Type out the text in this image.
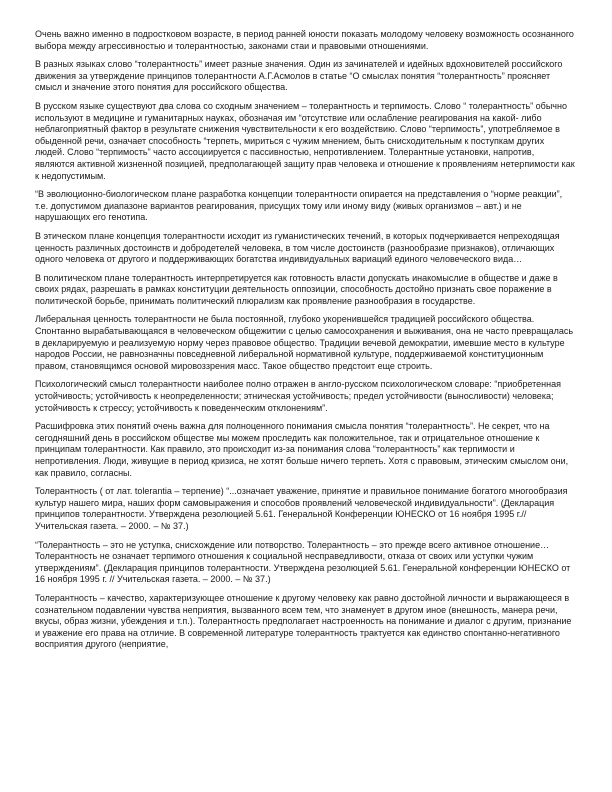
Очень важно именно в подростковом возрасте, в период ранней юности показать молодому человеку возможность осознанного выбора между агрессивностью и толерантностью, законами стаи и правовыми отношениями.

В разных языках слово “толерантность” имеет разные значения. Один из зачинателей и идейных вдохновителей российского движения за утверждение принципов толерантности А.Г.Асмолов в статье “О смыслах понятия “толерантность” проясняет смысл и значение этого понятия для российского общества.

В русском языке существуют два слова со сходным значением – толерантность и терпимость. Слово “ толерантность” обычно используют в медицине и гуманитарных науках, обозначая им “отсутствие или ослабление реагирования на какой- либо неблагоприятный фактор в результате снижения чувствительности к его воздействию. Слово “терпимость”, употребляемое в обыденной речи, означает способность “терпеть, мириться с чужим мнением, быть снисходительным к поступкам других людей. Слово “терпимость” часто ассоциируется с пассивностью, непротивлением. Толерантные установки, напротив, являются активной жизненной позицией, предполагающей защиту прав человека и отношение к проявлениям нетерпимости как к недопустимым.

“В эволюционно-биологическом плане разработка концепции толерантности опирается на представления о “норме реакции”, т.е. допустимом диапазоне вариантов реагирования, присущих тому или иному виду (живых организмов – авт.) и не нарушающих его генотипа.

В этическом плане концепция толерантности исходит из гуманистических течений, в которых подчеркивается непреходящая ценность различных достоинств и добродетелей человека, в том числе достоинств (разнообразие признаков), отличающих одного человека от другого и поддерживающих богатства индивидуальных вариаций единого человеческого вида…

В политическом плане толерантность интерпретируется как готовность власти допускать инакомыслие в обществе и даже в своих рядах, разрешать в рамках конституции деятельность оппозиции, способность достойно признать свое поражение в политической борьбе, принимать политический плюрализм как проявление разнообразия в государстве.

Либеральная ценность толерантности не была постоянной, глубоко укоренившейся традицией российского общества. Спонтанно вырабатывающаяся в человеческом общежитии с целью самосохранения и выживания, она не часто превращалась в декларируемую и реализуемую норму через правовое общество. Традиции вечевой демократии, имевшие место в культуре народов России, не равнозначны повседневной либеральной нормативной культуре, поддерживаемой конституционным правом, становящимся основой мировоззрения масс. Такое общество предстоит еще строить.

Психологический смысл толерантности наиболее полно отражен в англо-русском психологическом словаре: “приобретенная устойчивость; устойчивость к неопределенности; этническая устойчивость; предел устойчивости (выносливости) человека; устойчивость к стрессу; устойчивость к поведенческим отклонениям”.

Расшифровка этих понятий очень важна для полноценного понимания смысла понятия “толерантность”. Не секрет, что на сегодняшний день в российском обществе мы можем проследить как положительное, так и отрицательное отношение к принципам толерантности. Как правило, это происходит из-за понимания слова “толерантность” как терпимости и непротивления. Люди, живущие в период кризиса, не хотят больше ничего терпеть. Хотя с правовым, этическим смыслом они, как правило, согласны.

Толерантность ( от лат. tolerantia – терпение) “...означает уважение, принятие и правильное понимание богатого многообразия культур нашего мира, наших форм самовыражения и способов проявлений человеческой индивидуальности”. (Декларация принципов толерантности. Утверждена резолюцией 5.61. Генеральной Конференции ЮНЕСКО от 16 ноября 1995 г.// Учительская газета. – 2000. – № 37.)

“Толерантность – это не уступка, снисхождение или потворство. Толерантность – это прежде всего активное отношение…Толерантность не означает терпимого отношения к социальной несправедливости, отказа от своих или уступки чужим утверждениям”. (Декларация принципов толерантности. Утверждена резолюцией 5.61. Генеральной конференции ЮНЕСКО от 16 ноября 1995 г. // Учительская газета. – 2000. – № 37.)

Толерантность – качество, характеризующее отношение к другому человеку как равно достойной личности и выражающееся в сознательном подавлении чувства неприятия, вызванного всем тем, что знаменует в другом иное (внешность, манера речи, вкусы, образ жизни, убеждения и т.п.). Толерантность предполагает настроенность на понимание и диалог с другим, признание и уважение его права на отличие. В современной литературе толерантность трактуется как единство спонтанно-негативного восприятия другого (неприятие,
